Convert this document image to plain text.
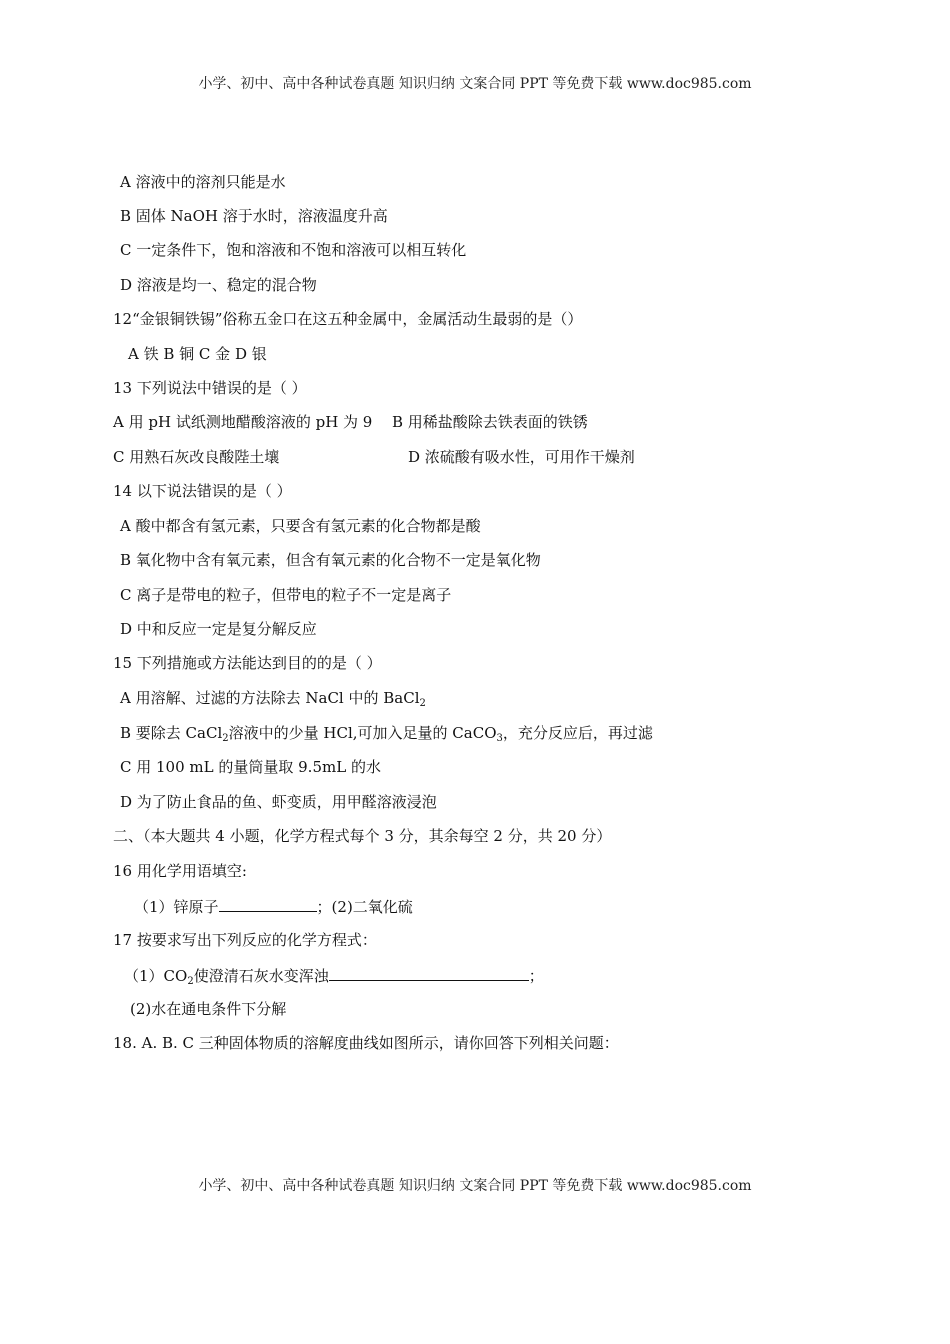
小学、初中、高中各种试卷真题 知识归纳 文案合同 PPT 等免费下载 www.doc985.com
A 溶液中的溶剂只能是水
B 固体 NaOH 溶于水时，溶液温度升高
C 一定条件下，饱和溶液和不饱和溶液可以相互转化
D 溶液是均一、稳定的混合物
12“金银铜铁锡”俗称五金口在这五种金属中，金属活动生最弱的是（）
A 铁 B 铜 C 金 D 银
13 下列说法中错误的是（ ）
A 用 pH 试纸测地醋酸溶液的 pH 为 9 B 用稀盐酸除去铁表面的铁锈
C 用熟石灰改良酸陛土壤	D 浓硫酸有吸水性，可用作干燥剂
14 以下说法错误的是（ ）
A 酸中都含有氢元素，只要含有氢元素的化合物都是酸
B 氧化物中含有氧元素，但含有氧元素的化合物不一定是氧化物
C 离子是带电的粒子，但带电的粒子不一定是离子
D 中和反应一定是复分解反应
15 下列措施或方法能达到目的的是（ ）
A 用溶解、过滤的方法除去 NaCl 中的 BaCl$_2$
B 要除去 CaCl$_2$溶液中的少量 HCl,可加入足量的 CaCO$_3$，充分反应后，再过滤
C 用 100 mL 的量筒量取 9.5mL 的水
D 为了防止食品的鱼、虾变质，用甲醛溶液浸泡
二、（本大题共 4 小题，化学方程式每个 3 分，其余每空 2 分，共 20 分）
16 用化学用语填空:
（1）锌原子	；(2)二氧化硫
17 按要求写出下列反应的化学方程式：
$(1)CO_2$使澄清石灰水变浑浊	；
(2)水在通电条件下分解
18. A. B. C 三种固体物质的溶解度曲线如图所示，请你回答下列相关问题：
小学、初中、高中各种试卷真题 知识归纳 文案合同 PPT 等免费下载 www.doc985.com
